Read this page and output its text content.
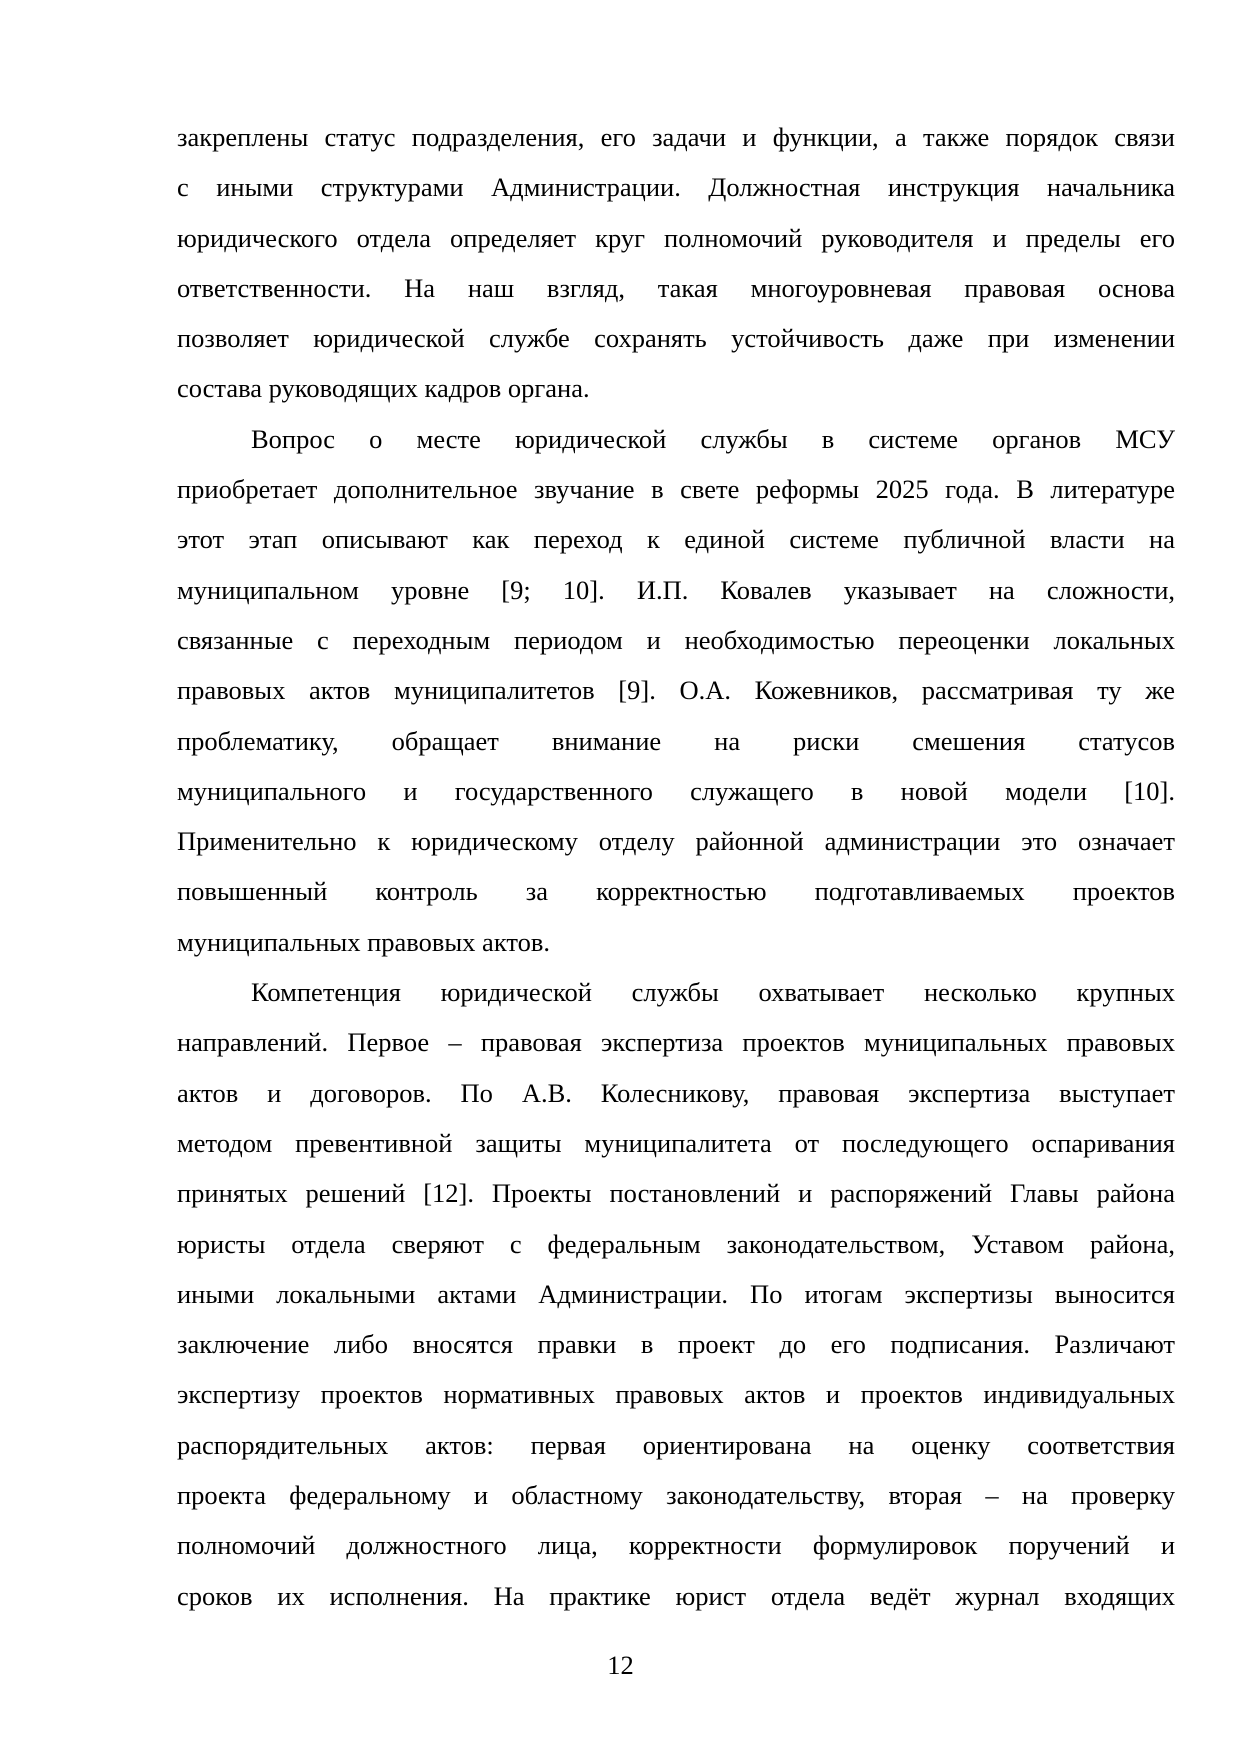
закреплены статус подразделения, его задачи и функции, а также порядок связи
с иными структурами Администрации. Должностная инструкция начальника
юридического отдела определяет круг полномочий руководителя и пределы его
ответственности. На наш взгляд, такая многоуровневая правовая основа
позволяет юридической службе сохранять устойчивость даже при изменении
состава руководящих кадров органа.
Вопрос о месте юридической службы в системе органов МСУ
приобретает дополнительное звучание в свете реформы 2025 года. В литературе
этот этап описывают как переход к единой системе публичной власти на
муниципальном уровне [9; 10]. И.П. Ковалев указывает на сложности,
связанные с переходным периодом и необходимостью переоценки локальных
правовых актов муниципалитетов [9]. О.А. Кожевников, рассматривая ту же
проблематику, обращает внимание на риски смешения статусов
муниципального и государственного служащего в новой модели [10].
Применительно к юридическому отделу районной администрации это означает
повышенный контроль за корректностью подготавливаемых проектов
муниципальных правовых актов.
Компетенция юридической службы охватывает несколько крупных
направлений. Первое – правовая экспертиза проектов муниципальных правовых
актов и договоров. По А.В. Колесникову, правовая экспертиза выступает
методом превентивной защиты муниципалитета от последующего оспаривания
принятых решений [12]. Проекты постановлений и распоряжений Главы района
юристы отдела сверяют с федеральным законодательством, Уставом района,
иными локальными актами Администрации. По итогам экспертизы выносится
заключение либо вносятся правки в проект до его подписания. Различают
экспертизу проектов нормативных правовых актов и проектов индивидуальных
распорядительных актов: первая ориентирована на оценку соответствия
проекта федеральному и областному законодательству, вторая – на проверку
полномочий должностного лица, корректности формулировок поручений и
сроков их исполнения. На практике юрист отдела ведёт журнал входящих
12
